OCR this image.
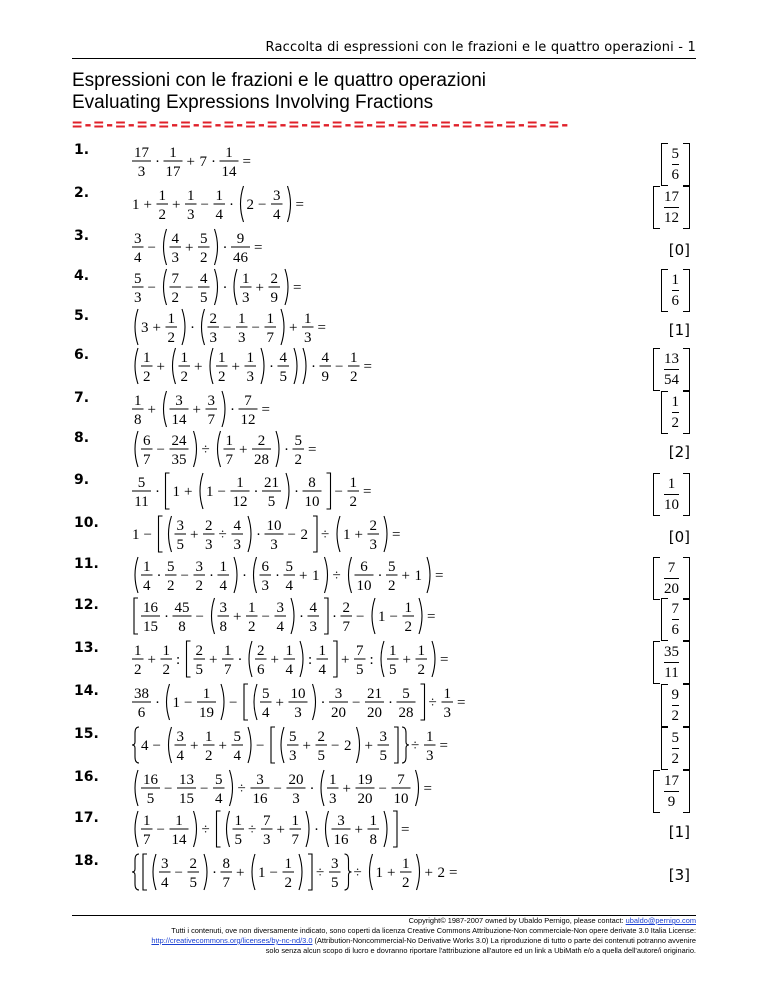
Raccolta di espressioni con le frazioni e le quattro operazioni - 1
Espressioni con le frazioni e le quattro operazioni
Evaluating Expressions Involving Fractions
=-=-=-=-=-=-=-=-=-=-=-=-=-=-=-=-=-=-=-=-=-=-=-
1.	17
3
·
1
17
+ 7 ·
1
14
=
5
6
2.
1 +
1
2
+
1
3
−
1
4
· 2 −
3
4
=
17
12
3.	3
4
−
4
3
+
5
2
·
9
46
=	[0]
4.	5
3
−
7
2
−
4
5
·
1
3
+
2
9
=
1
6
5.
3 +
1
2
·
2
3
−
1
3
−
1
7
+
1
3
=	[1]
6.	1
2
+
1
2
+
1
2
+
1
3
·
4
5
·
4
9
−
1
2
=
13
54
7.	1
8
+
3
14
+
3
7
·
7
12
=
1
2
8.	6
7
−
24
35
÷
1
7
+
2
28
·
5
2
=	[2]
9.	5
11
· 1 + 1 −
1
12
·
21
5
·
8
10
−
1
2
=
1
10
10.
1 −
3
5
+
2
3
÷
4
3
·
10
3
− 2 ÷ 1 +
2
3
=	[0]
11.	1
4
·
5
2
−
3
2
·
1
4
·
6
3
·
5
4
+ 1 ÷
6
10
·
5
2
+ 1 =
7
20
12.	16
15
·
45
8
−
3
8
+
1
2
−
3
4
·
4
3
·
2
7
− 1 −
1
2
=
7
6
13. 1
2
+
1
2
:
2
5
+
1
7
·
2
6
+
1
4
:
1
4
+
7
5
:
1
5
+
1
2
=
35
11
14. 38
6
· 1 −
1
19
−
5
4
+
10
3
·
3
20
−
21
20
·
5
28
÷
1
3
=
9
2
15.
4 −
3
4
+
1
2
+
5
4
−
5
3
+
2
5
− 2 +
3
5
÷
1
3
=
5
2
16.	16
5
−
13
15
−
5
4
÷
3
16
−
20
3
·
1
3
+
19
20
−
7
10
=
17
9
17.	1
7
−
1
14
÷
1
5
÷
7
3
+
1
7
·
3
16
+
1
8
=	[1]
18.	3
4
−
2
5
·
8
7
+ 1 −
1
2
÷
3
5
÷ 1 +
1
2
+ 2 =	[3]
Copyright© 1987-2007 owned by Ubaldo Pernigo, please contact: ubaldo@pernigo.com
Tutti i contenuti, ove non diversamente indicato, sono coperti da licenza Creative Commons Attribuzione-Non commerciale-Non opere derivate 3.0 Italia License:
http://creativecommons.org/licenses/by-nc-nd/3.0 (Attribution-Noncommercial-No Derivative Works 3.0) La riproduzione di tutto o parte dei contenuti potranno avvenire
solo senza alcun scopo di lucro e dovranno riportare l'attribuzione all'autore ed un link a UbiMath e/o a quella dell'autore/i originario.
